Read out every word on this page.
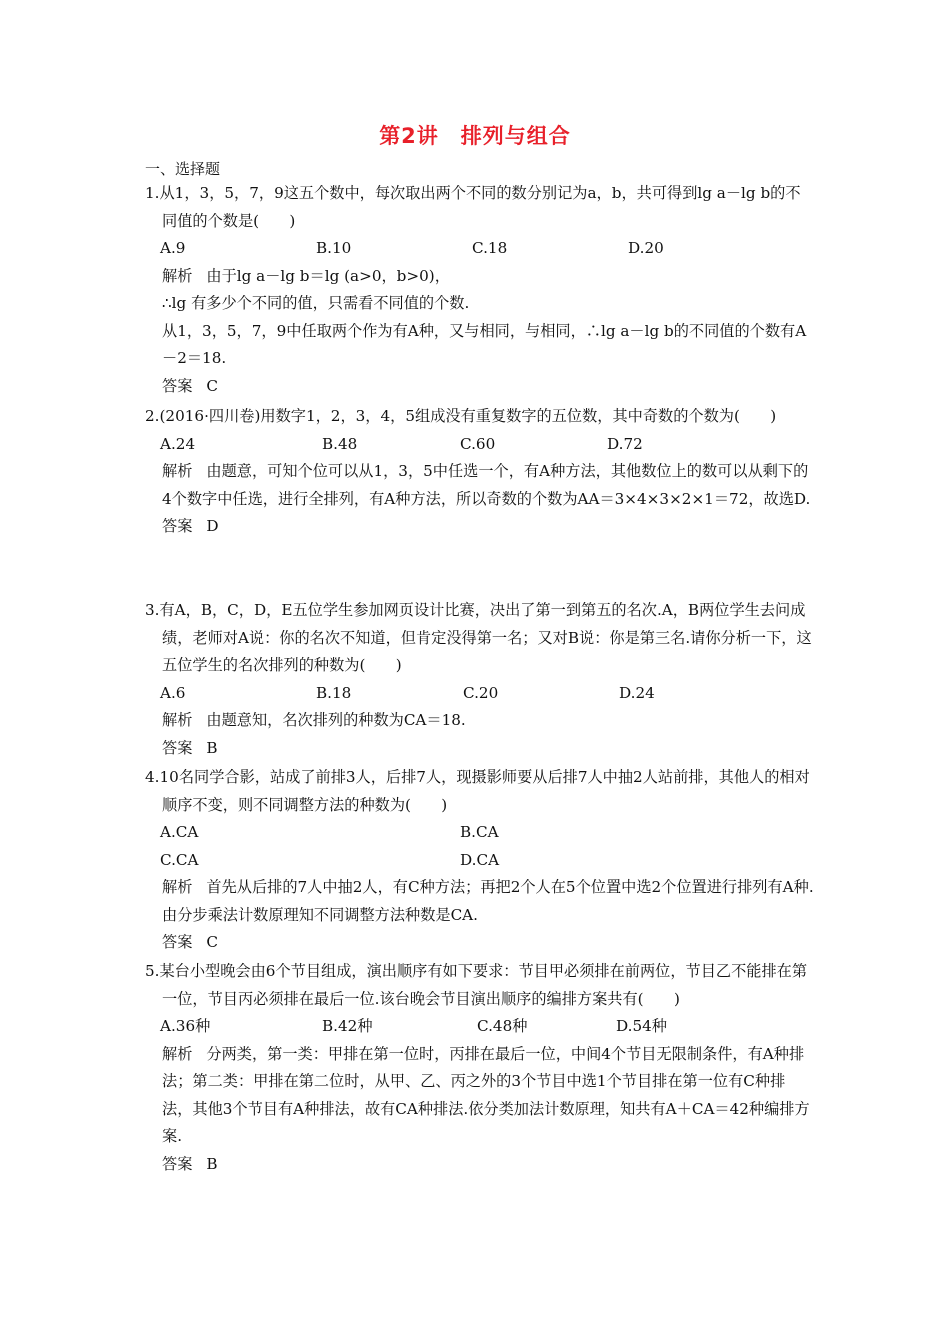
第2讲　排列与组合
一、选择题
1.从1，3，5，7，9这五个数中，每次取出两个不同的数分别记为a，b，共可得到lg a－lg b的不同值的个数是(　　)
A.9	B.10	C.18	D.20
解析 由于lg a－lg b＝lg (a>0，b>0)，
∴lg 有多少个不同的值，只需看不同值的个数.
从1，3，5，7，9中任取两个作为有A种，又与相同，与相同，∴lg a－lg b的不同值的个数有A－2＝18.
答案 C
2.(2016·四川卷)用数字1，2，3，4，5组成没有重复数字的五位数，其中奇数的个数为(　　)
A.24	B.48	C.60	D.72
解析 由题意，可知个位可以从1，3，5中任选一个，有A种方法，其他数位上的数可以从剩下的4个数字中任选，进行全排列，有A种方法，所以奇数的个数为AA＝3×4×3×2×1＝72，故选D.
答案 D
3.有A，B，C，D，E五位学生参加网页设计比赛，决出了第一到第五的名次.A，B两位学生去问成绩，老师对A说：你的名次不知道，但肯定没得第一名；又对B说：你是第三名.请你分析一下，这五位学生的名次排列的种数为(　　)
A.6	B.18	C.20	D.24
解析 由题意知，名次排列的种数为CA＝18.
答案 B
4.10名同学合影，站成了前排3人，后排7人，现摄影师要从后排7人中抽2人站前排，其他人的相对顺序不变，则不同调整方法的种数为(　　)
A.CA	B.CA
C.CA	D.CA
解析 首先从后排的7人中抽2人，有C种方法；再把2个人在5个位置中选2个位置进行排列有A种.由分步乘法计数原理知不同调整方法种数是CA.
答案 C
5.某台小型晚会由6个节目组成，演出顺序有如下要求：节目甲必须排在前两位，节目乙不能排在第一位，节目丙必须排在最后一位.该台晚会节目演出顺序的编排方案共有(　　)
A.36种	B.42种	C.48种	D.54种
解析 分两类，第一类：甲排在第一位时，丙排在最后一位，中间4个节目无限制条件，有A种排法；第二类：甲排在第二位时，从甲、乙、丙之外的3个节目中选1个节目排在第一位有C种排法，其他3个节目有A种排法，故有CA种排法.依分类加法计数原理，知共有A＋CA＝42种编排方案.
答案 B
